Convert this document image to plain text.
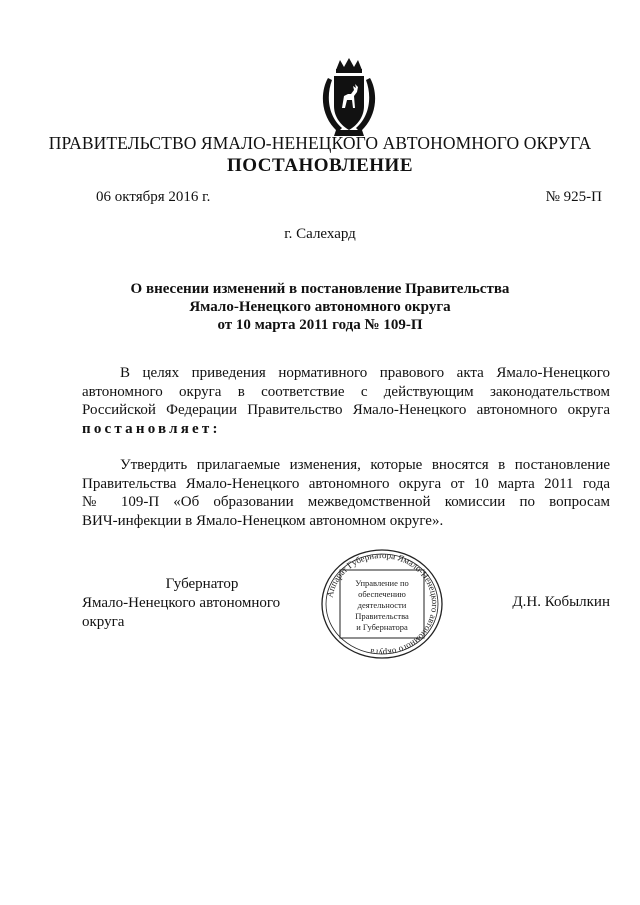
ПРАВИТЕЛЬСТВО ЯМАЛО-НЕНЕЦКОГО АВТОНОМНОГО ОКРУГА
ПОСТАНОВЛЕНИЕ
06 октября 2016 г.	№ 925-П
г. Салехард
О внесении изменений в постановление Правительства
Ямало-Ненецкого автономного округа
от 10 марта 2011 года № 109-П
В целях приведения нормативного правового акта Ямало-Ненецкого
автономного округа в соответствие с действующим законодательством
Российской Федерации Правительство Ямало-Ненецкого автономного округа
постановляет:
Утвердить прилагаемые изменения, которые вносятся в постановление
Правительства Ямало-Ненецкого автономного округа от 10 марта 2011 года
№ 109-П «Об образовании межведомственной комиссии по вопросам
ВИЧ-инфекции в Ямало-Ненецком автономном округе».
Губернатор
Ямало-Ненецкого автономного округа
Аппарат Губернатора Ямало-Ненецкого автономного округа
Управление по
обеспечению
деятельности
Правительства
и Губернатора
Д.Н. Кобылкин
